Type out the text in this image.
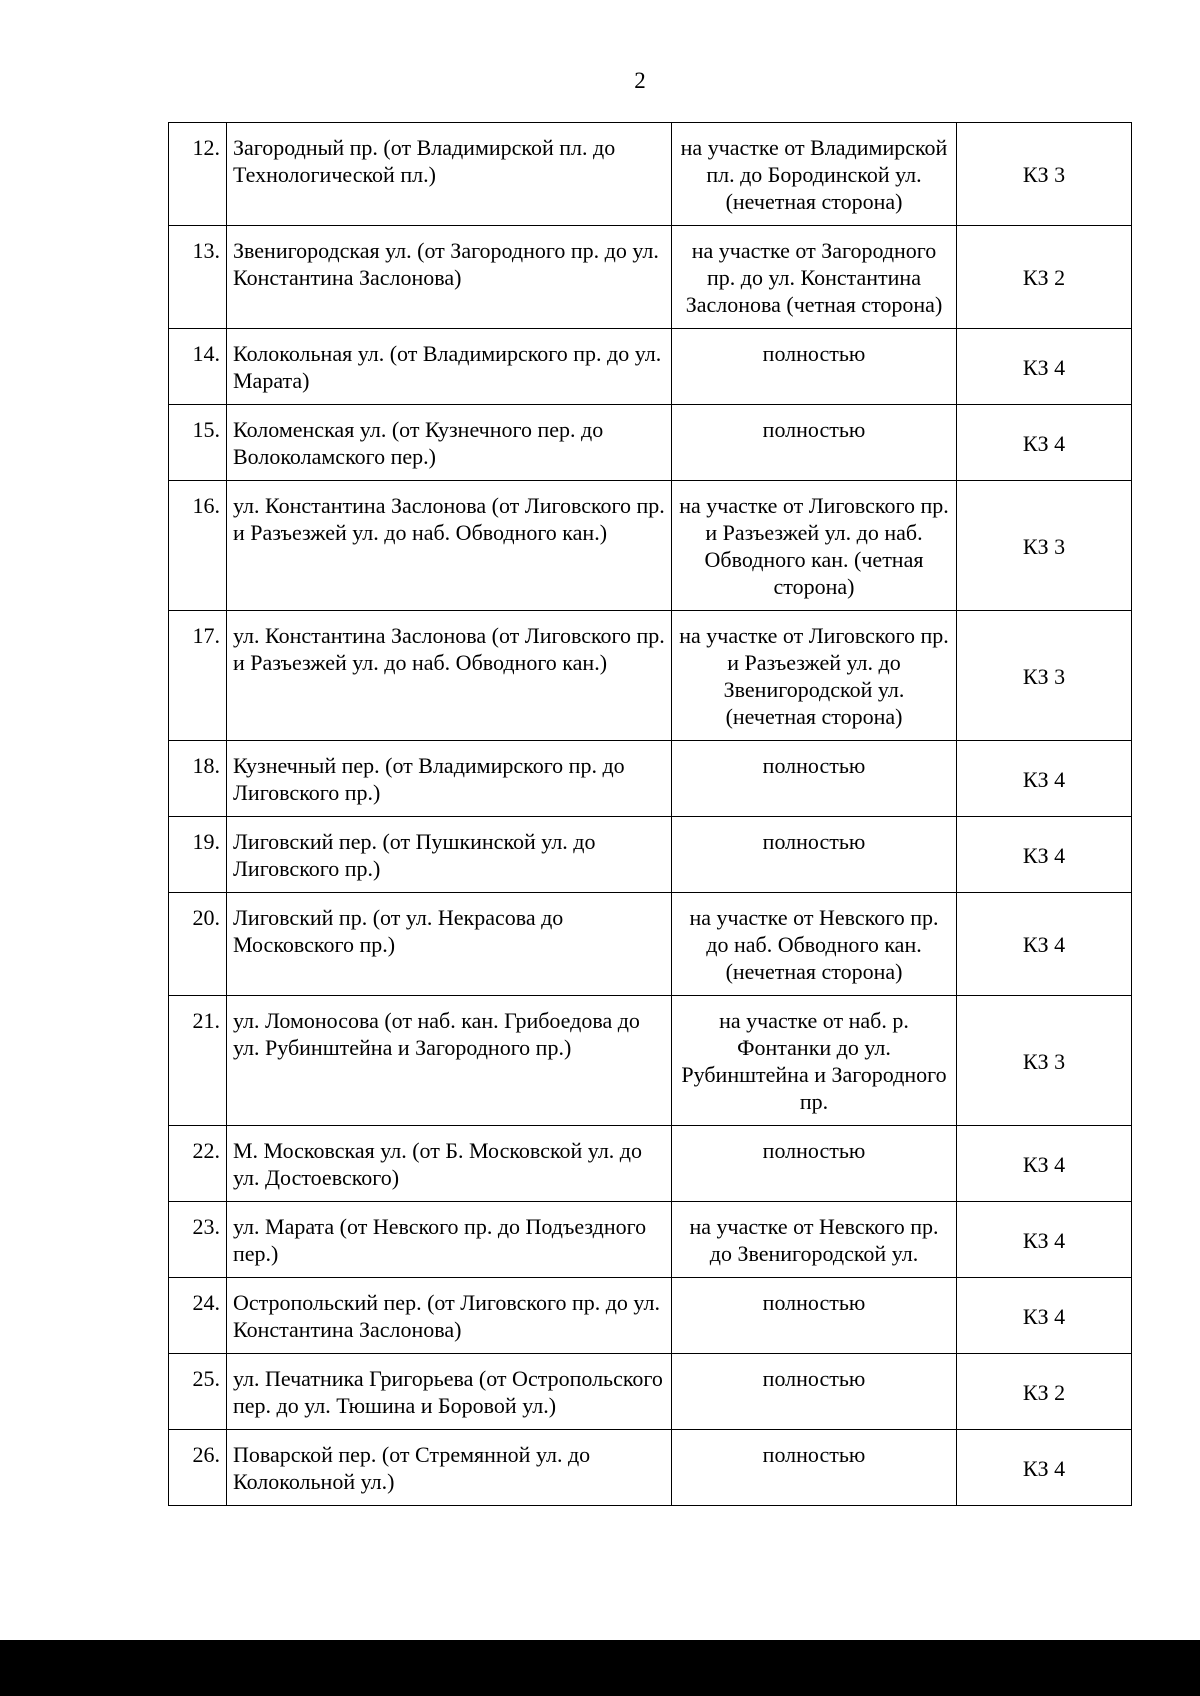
2
12.	Загородный пр. (от Владимирской пл. до Технологической пл.)	на участке от Владимирской пл. до Бородинской ул. (нечетная сторона)	КЗ 3
13.	Звенигородская ул. (от Загородного пр. до ул. Константина Заслонова)	на участке от Загородного пр. до ул. Константина Заслонова (четная сторона)	КЗ 2
14.	Колокольная ул. (от Владимирского пр. до ул. Марата)	полностью	КЗ 4
15.	Коломенская ул. (от Кузнечного пер. до Волоколамского пер.)	полностью	КЗ 4
16.	ул. Константина Заслонова (от Лиговского пр. и Разъезжей ул. до наб. Обводного кан.)	на участке от Лиговского пр. и Разъезжей ул. до наб. Обводного кан. (четная сторона)	КЗ 3
17.	ул. Константина Заслонова (от Лиговского пр. и Разъезжей ул. до наб. Обводного кан.)	на участке от Лиговского пр. и Разъезжей ул. до Звенигородской ул. (нечетная сторона)	КЗ 3
18.	Кузнечный пер. (от Владимирского пр. до Лиговского пр.)	полностью	КЗ 4
19.	Лиговский пер. (от Пушкинской ул. до Лиговского пр.)	полностью	КЗ 4
20.	Лиговский пр. (от ул. Некрасова до Московского пр.)	на участке от Невского пр. до наб. Обводного кан. (нечетная сторона)	КЗ 4
21.	ул. Ломоносова (от наб. кан. Грибоедова до ул. Рубинштейна и Загородного пр.)	на участке от наб. р. Фонтанки до ул. Рубинштейна и Загородного пр.	КЗ 3
22.	М. Московская ул. (от Б. Московской ул. до ул. Достоевского)	полностью	КЗ 4
23.	ул. Марата (от Невского пр. до Подъездного пер.)	на участке от Невского пр. до Звенигородской ул.	КЗ 4
24.	Остропольский пер. (от Лиговского пр. до ул. Константина Заслонова)	полностью	КЗ 4
25.	ул. Печатника Григорьева (от Остропольского пер. до ул. Тюшина и Боровой ул.)	полностью	КЗ 2
26.	Поварской пер. (от Стремянной ул. до Колокольной ул.)	полностью	КЗ 4
